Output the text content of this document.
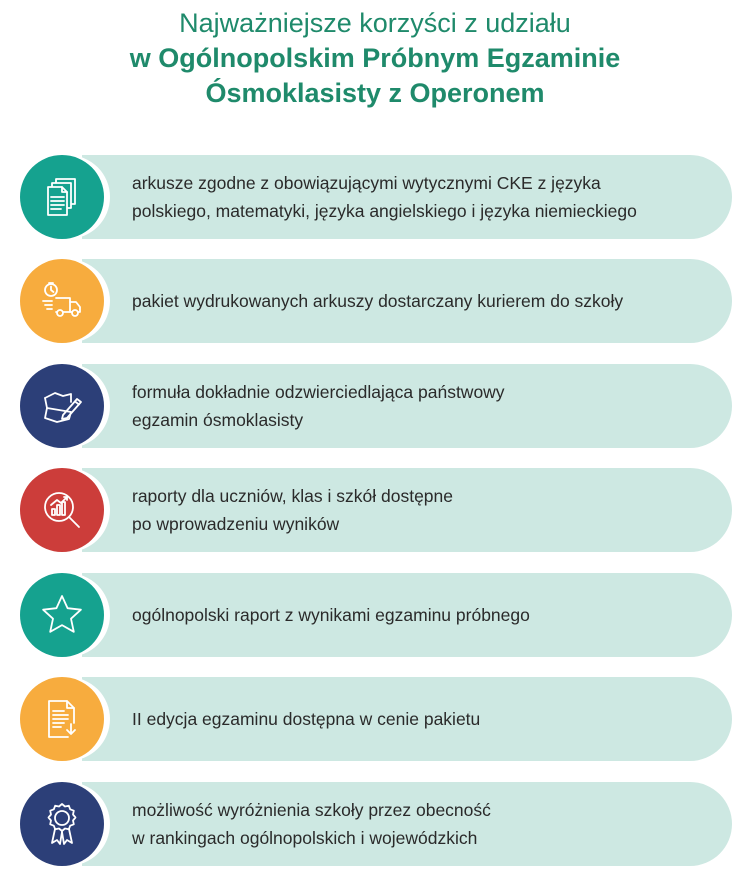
Najważniejsze korzyści z udziału
w Ogólnopolskim Próbnym Egzaminie
Ósmoklasisty z Operonem
arkusze zgodne z obowiązującymi wytycznymi CKE z języka
polskiego, matematyki, języka angielskiego i języka niemieckiego
pakiet wydrukowanych arkuszy dostarczany kurierem do szkoły
formuła dokładnie odzwierciedlająca państwowy
egzamin ósmoklasisty
raporty dla uczniów, klas i szkół dostępne
po wprowadzeniu wyników
ogólnopolski raport z wynikami egzaminu próbnego
II edycja egzaminu dostępna w cenie pakietu
możliwość wyróżnienia szkoły przez obecność
w rankingach ogólnopolskich i wojewódzkich
